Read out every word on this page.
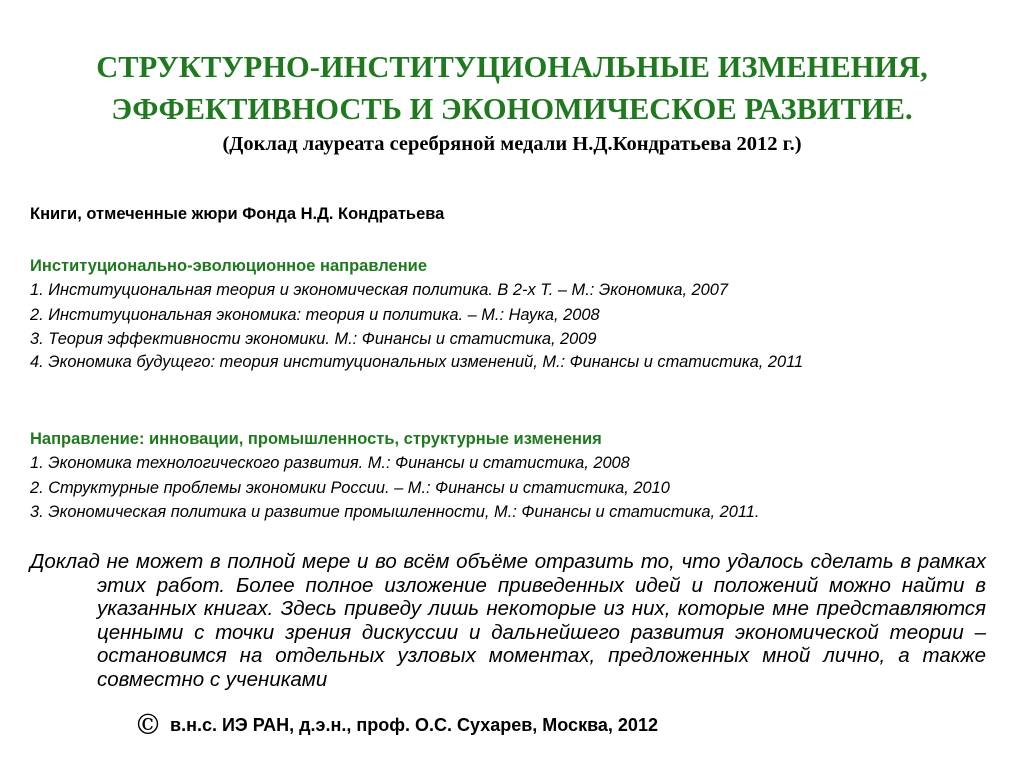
СТРУКТУРНО-ИНСТИТУЦИОНАЛЬНЫЕ ИЗМЕНЕНИЯ,
ЭФФЕКТИВНОСТЬ И ЭКОНОМИЧЕСКОЕ РАЗВИТИЕ.
(Доклад лауреата серебряной медали Н.Д.Кондратьева 2012 г.)
Книги, отмеченные жюри Фонда Н.Д. Кондратьева
Институционально-эволюционное направление
1. Институциональная теория и экономическая политика. В 2-х Т. – М.: Экономика, 2007
2. Институциональная экономика: теория и политика. – М.: Наука, 2008
3. Теория эффективности экономики. М.: Финансы и статистика, 2009
4. Экономика будущего: теория институциональных изменений, М.: Финансы и статистика, 2011
Направление: инновации, промышленность, структурные изменения
1. Экономика технологического развития. М.: Финансы и статистика, 2008
2. Структурные проблемы экономики России. – М.: Финансы и статистика, 2010
3. Экономическая политика и развитие промышленности, М.: Финансы и статистика, 2011.
Доклад не может в полной мере и во всём объёме отразить то, что удалось сделать в рамках этих работ. Более полное изложение приведенных идей и положений можно найти в указанных книгах. Здесь приведу лишь некоторые из них, которые мне представляются ценными с точки зрения дискуссии и дальнейшего развития экономической теории – остановимся на отдельных узловых моментах, предложенных мной лично, а также совместно с учениками
© в.н.с. ИЭ РАН, д.э.н., проф. О.С. Сухарев, Москва, 2012
